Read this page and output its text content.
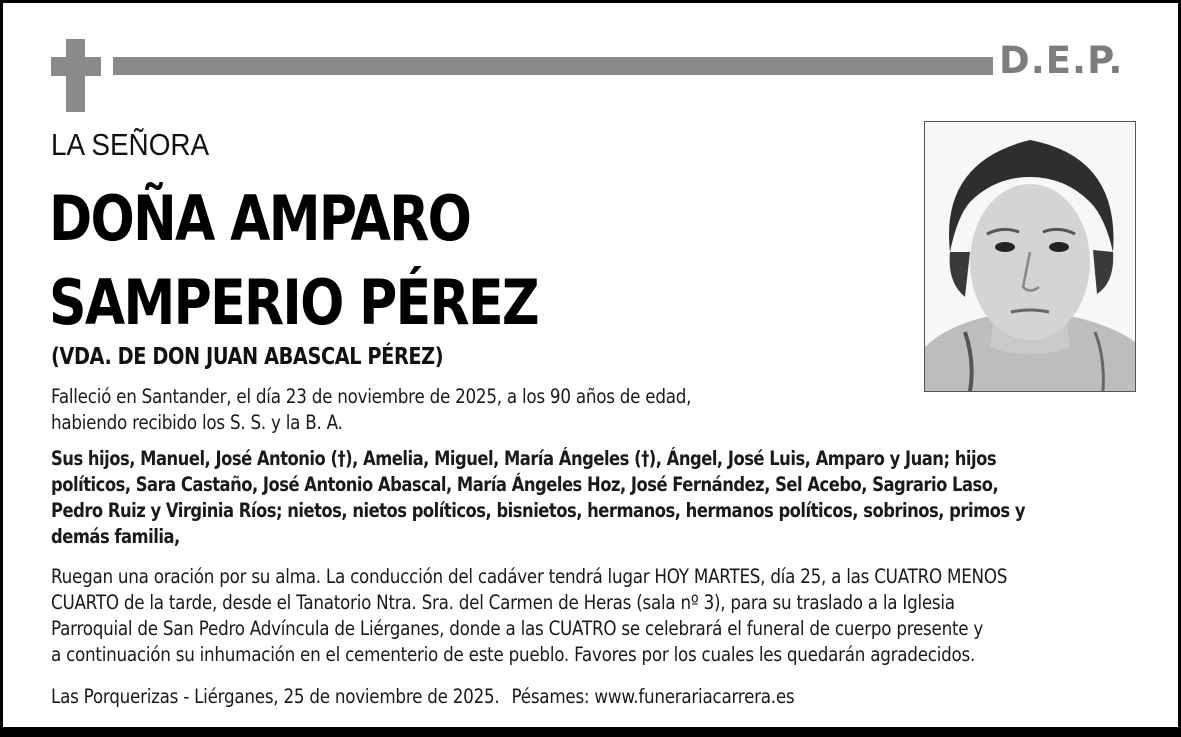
D.E.P.
LA SEÑORA
DOÑA AMPARO
SAMPERIO PÉREZ
(VDA. DE DON JUAN ABASCAL PÉREZ)
Falleció en Santander, el día 23 de noviembre de 2025, a los 90 años de edad,
habiendo recibido los S. S. y la B. A.
Sus hijos, Manuel, José Antonio (†), Amelia, Miguel, María Ángeles (†), Ángel, José Luis, Amparo y Juan; hijos
políticos, Sara Castaño, José Antonio Abascal, María Ángeles Hoz, José Fernández, Sel Acebo, Sagrario Laso,
Pedro Ruiz y Virginia Ríos; nietos, nietos políticos, bisnietos, hermanos, hermanos políticos, sobrinos, primos y
demás familia,
Ruegan una oración por su alma. La conducción del cadáver tendrá lugar HOY MARTES, día 25, a las CUATRO MENOS
CUARTO de la tarde, desde el Tanatorio Ntra. Sra. del Carmen de Heras (sala nº 3), para su traslado a la Iglesia
Parroquial de San Pedro Advíncula de Liérganes, donde a las CUATRO se celebrará el funeral de cuerpo presente y
a continuación su inhumación en el cementerio de este pueblo. Favores por los cuales les quedarán agradecidos.
Las Porquerizas - Liérganes, 25 de noviembre de 2025. Pésames: www.funerariacarrera.es
